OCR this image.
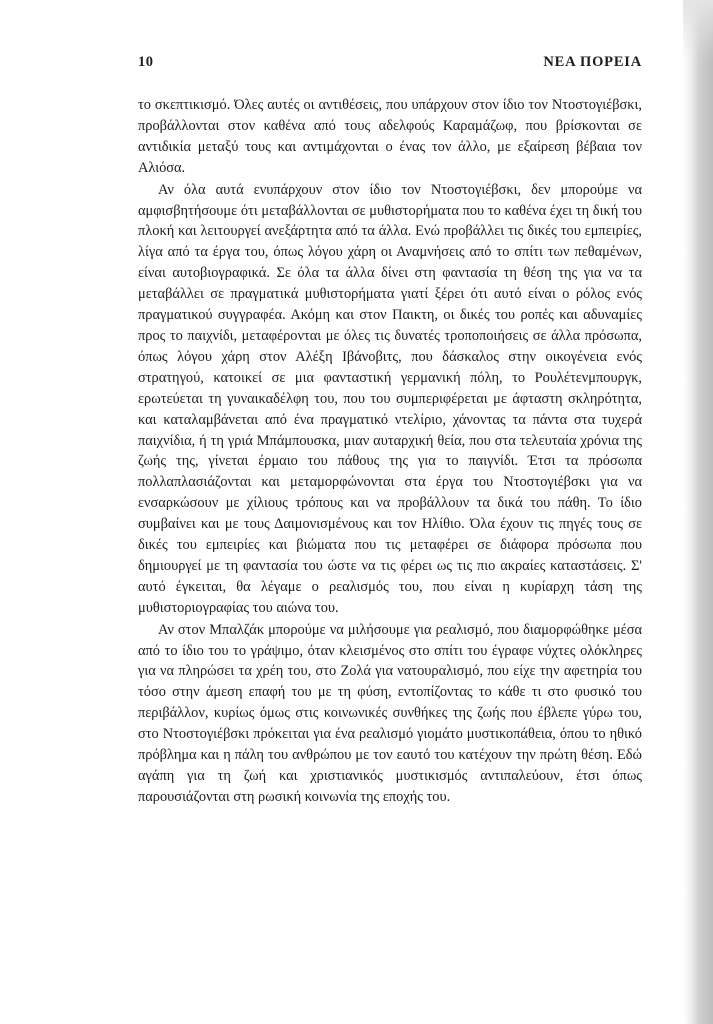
10	ΝΕΑ ΠΟΡΕΙΑ

το σκεπτικισμό. Όλες αυτές οι αντιθέσεις, που υπάρχουν στον ίδιο τον Ντοστογιέβσκι, προβάλλονται στον καθένα από τους αδελφούς Καραμάζωφ, που βρίσκονται σε αντιδικία μεταξύ τους και αντιμάχονται ο ένας τον άλλο, με εξαίρεση βέβαια τον Αλιόσα.

Αν όλα αυτά ενυπάρχουν στον ίδιο τον Ντοστογιέβσκι, δεν μπορούμε να αμφισβητήσουμε ότι μεταβάλλονται σε μυθιστορήματα που το καθένα έχει τη δική του πλοκή και λειτουργεί ανεξάρτητα από τα άλλα. Ενώ προβάλλει τις δικές του εμπειρίες, λίγα από τα έργα του, όπως λόγου χάρη οι Αναμνήσεις από το σπίτι των πεθαμένων, είναι αυτοβιογραφικά. Σε όλα τα άλλα δίνει στη φαντασία τη θέση της για να τα μεταβάλλει σε πραγματικά μυθιστορήματα γιατί ξέρει ότι αυτό είναι ο ρόλος ενός πραγματικού συγγραφέα. Ακόμη και στον Παικτη, οι δικές του ροπές και αδυναμίες προς το παιχνίδι, μεταφέρονται με όλες τις δυνατές τροποποιήσεις σε άλλα πρόσωπα, όπως λόγου χάρη στον Αλέξη Ιβάνοβιτς, που δάσκαλος στην οικογένεια ενός στρατηγού, κατοικεί σε μια φανταστική γερμανική πόλη, το Ρουλέτενμπουργκ, ερωτεύεται τη γυναικαδέλφη του, που του συμπεριφέρεται με άφταστη σκληρότητα, και καταλαμβάνεται από ένα πραγματικό ντελίριο, χάνοντας τα πάντα στα τυχερά παιχνίδια, ή τη γριά Μπάμπουσκα, μιαν αυταρχική θεία, που στα τελευταία χρόνια της ζωής της, γίνεται έρμαιο του πάθους της για το παιγνίδι. Έτσι τα πρόσωπα πολλαπλασιάζονται και μεταμορφώνονται στα έργα του Ντοστογιέβσκι για να ενσαρκώσουν με χίλιους τρόπους και να προβάλλουν τα δικά του πάθη. Το ίδιο συμβαίνει και με τους Δαιμονισμένους και τον Ηλίθιο. Όλα έχουν τις πηγές τους σε δικές του εμπειρίες και βιώματα που τις μεταφέρει σε διάφορα πρόσωπα που δημιουργεί με τη φαντασία του ώστε να τις φέρει ως τις πιο ακραίες καταστάσεις. Σ' αυτό έγκειται, θα λέγαμε ο ρεαλισμός του, που είναι η κυρίαρχη τάση της μυθιστοριογραφίας του αιώνα του.

Αν στον Μπαλζάκ μπορούμε να μιλήσουμε για ρεαλισμό, που διαμορφώθηκε μέσα από το ίδιο του το γράψιμο, όταν κλεισμένος στο σπίτι του έγραφε νύχτες ολόκληρες για να πληρώσει τα χρέη του, στο Ζολά για νατουραλισμό, που είχε την αφετηρία του τόσο στην άμεση επαφή του με τη φύση, εντοπίζοντας το κάθε τι στο φυσικό του περιβάλλον, κυρίως όμως στις κοινωνικές συνθήκες της ζωής που έβλεπε γύρω του, στο Ντοστογιέβσκι πρόκειται για ένα ρεαλισμό γιομάτο μυστικοπάθεια, όπου το ηθικό πρόβλημα και η πάλη του ανθρώπου με τον εαυτό του κατέχουν την πρώτη θέση. Εδώ αγάπη για τη ζωή και χριστιανικός μυστικισμός αντιπαλεύουν, έτσι όπως παρουσιάζονται στη ρωσική κοινωνία της εποχής του.
